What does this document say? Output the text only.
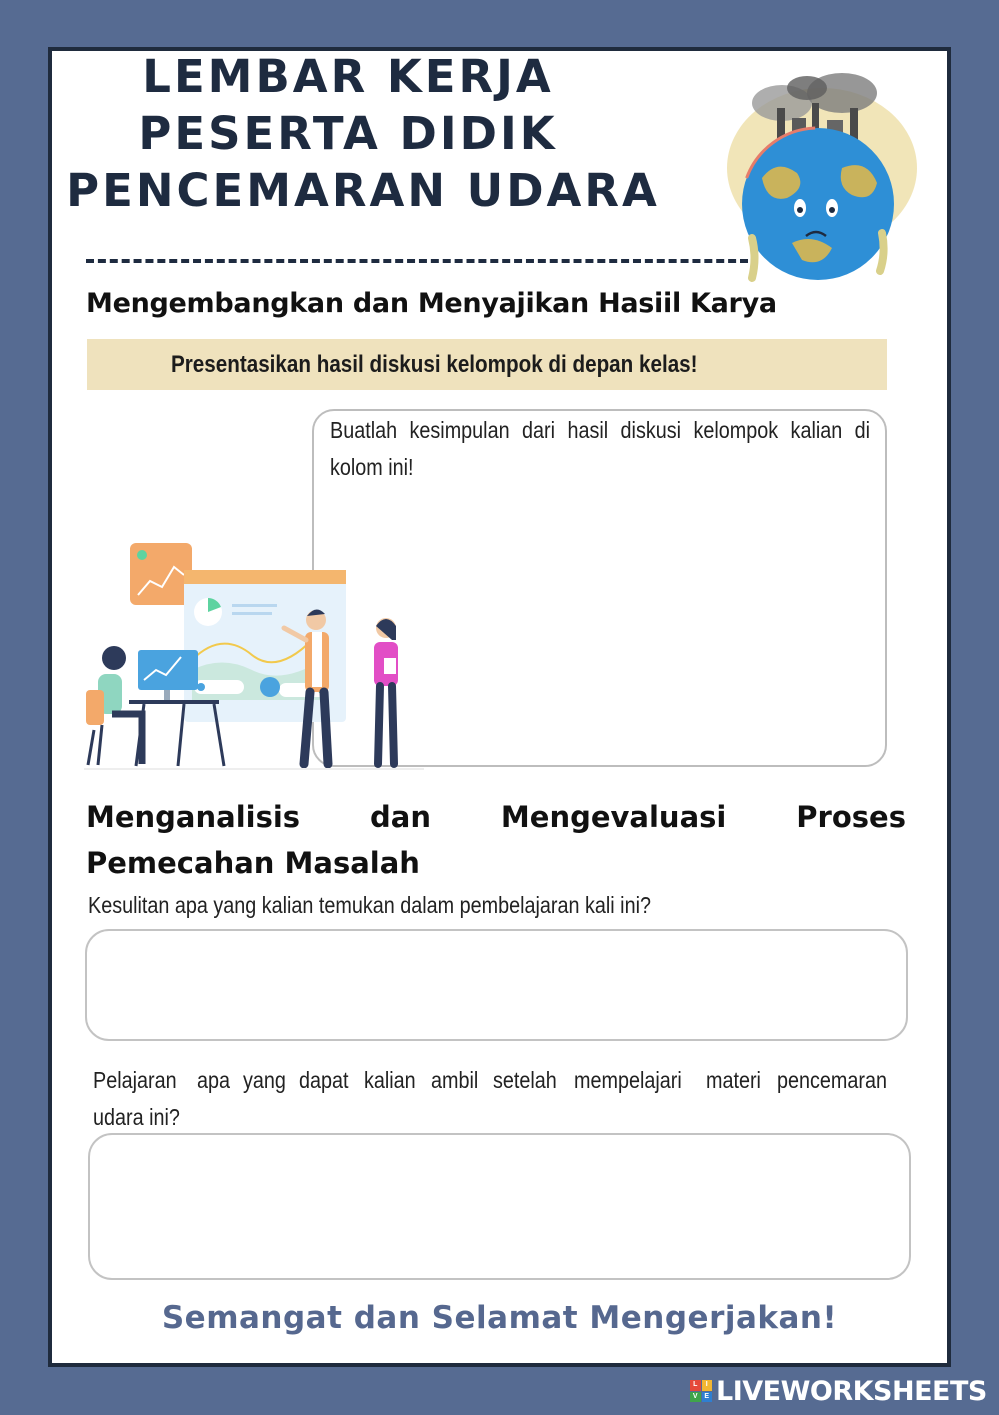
LEMBAR KERJA
PESERTA DIDIK
PENCEMARAN UDARA
Mengembangkan dan Menyajikan Hasiil Karya
Presentasikan hasil diskusi kelompok di depan kelas!
Buatlah kesimpulan dari hasil diskusi kelompok kalian di kolom ini!
Menganalisis dan Mengevaluasi Proses
Pemecahan Masalah
Kesulitan apa yang kalian temukan dalam pembelajaran kali ini?
Pelajaran apa yang dapat kalian ambil setelah mempelajari materi pencemaran
udara ini?
Semangat dan Selamat Mengerjakan!
L	I
V E LIVEWORKSHEETS
